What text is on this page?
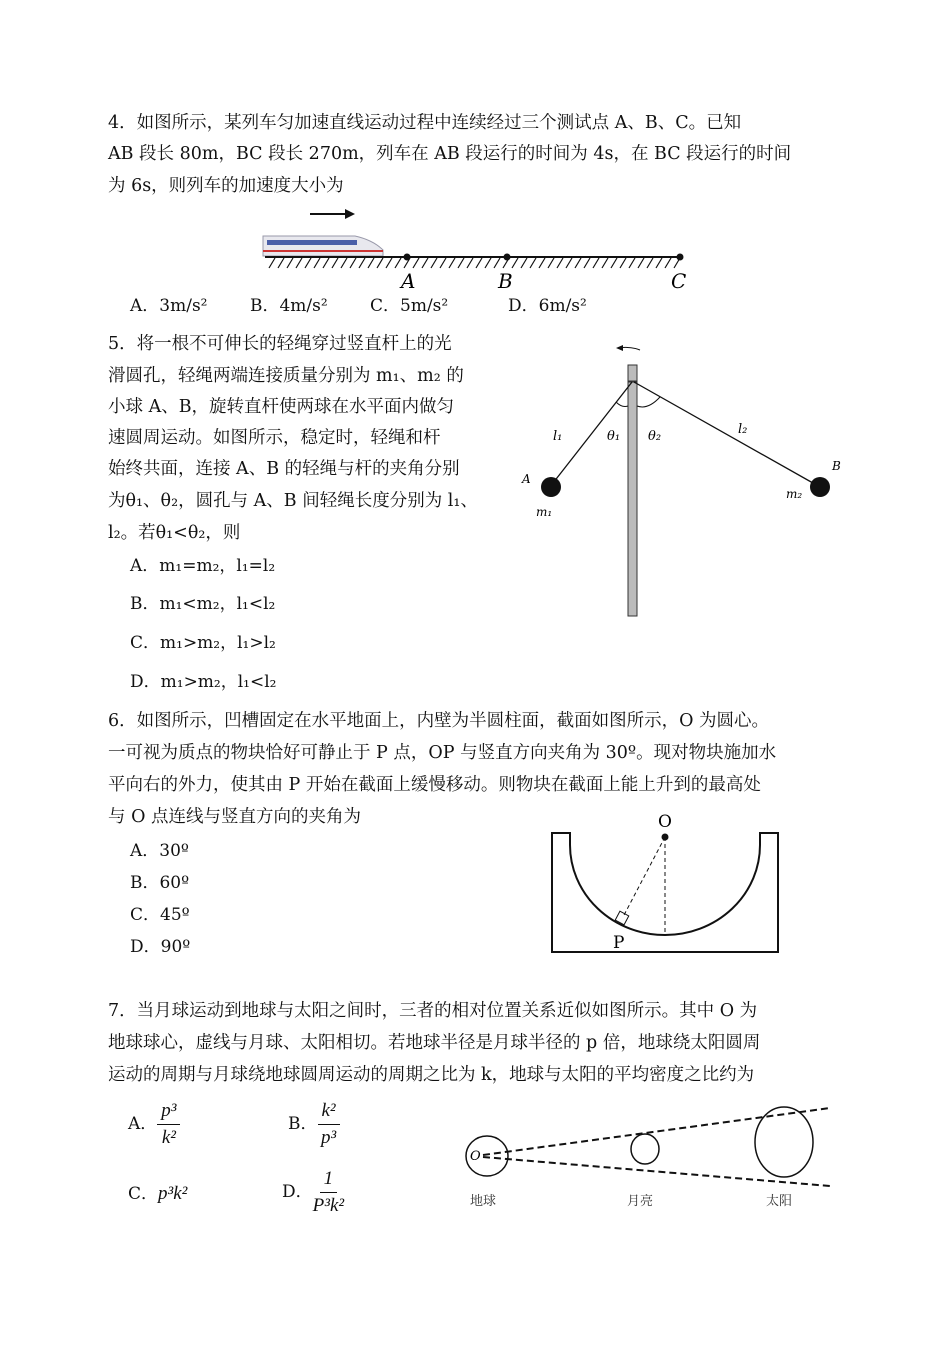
4．如图所示，某列车匀加速直线运动过程中连续经过三个测试点 A、B、C。已知
AB 段长 80m，BC 段长 270m，列车在 AB 段运行的时间为 4s，在 BC 段运行的时间
为 6s，则列车的加速度大小为
A	B	C
A．3m/s²	B．4m/s² C．5m/s²	D．6m/s²
5．将一根不可伸长的轻绳穿过竖直杆上的光
滑圆孔，轻绳两端连接质量分别为 m₁、m₂ 的
小球 A、B，旋转直杆使两球在水平面内做匀
速圆周运动。如图所示，稳定时，轻绳和杆
始终共面，连接 A、B 的轻绳与杆的夹角分别
为θ₁、θ₂，圆孔与 A、B 间轻绳长度分别为 l₁、
l₂。若θ₁<θ₂，则
A．m₁=m₂，l₁=l₂
B．m₁<m₂，l₁<l₂
C．m₁>m₂，l₁>l₂
D．m₁>m₂，l₁<l₂
l₁	l₂
θ₁ θ₂
A
B
m₁
m₂
6．如图所示，凹槽固定在水平地面上，内壁为半圆柱面，截面如图所示，O 为圆心。
一可视为质点的物块恰好可静止于 P 点，OP 与竖直方向夹角为 30º。现对物块施加水
平向右的外力，使其由 P 开始在截面上缓慢移动。则物块在截面上能上升到的最高处
与 O 点连线与竖直方向的夹角为
A．30º
B．60º
C．45º
D．90º
O
P
7．当月球运动到地球与太阳之间时，三者的相对位置关系近似如图所示。其中 O 为
地球球心，虚线与月球、太阳相切。若地球半径是月球半径的 p 倍，地球绕太阳圆周
运动的周期与月球绕地球圆周运动的周期之比为 k，地球与太阳的平均密度之比约为
A． $\frac{\text{p³}}{\text{k²}}$	B． $\frac{\text{k²}}{\text{p³}}$
C．p³k²	D． $\frac{1}{\text{P³k²}}$
O
地球	月亮	太阳
